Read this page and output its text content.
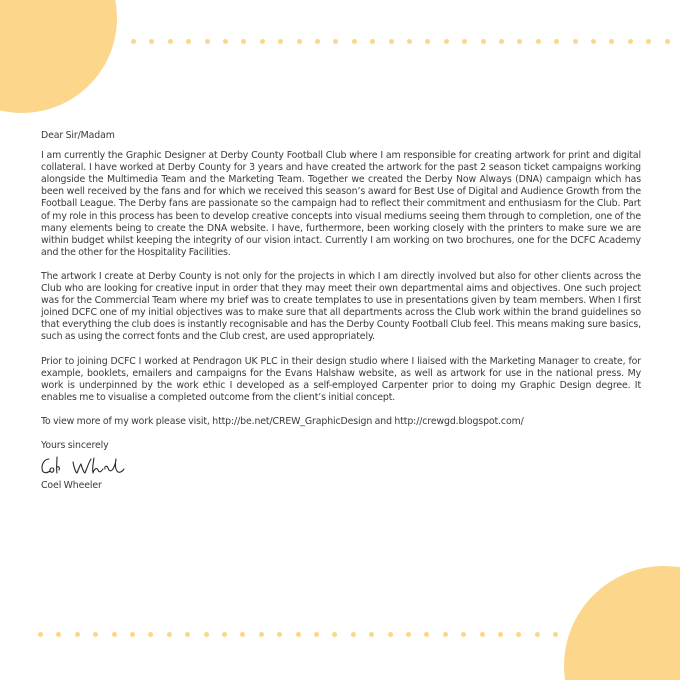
Dear Sir/Madam

I am currently the Graphic Designer at Derby County Football Club where I am responsible for creating artwork for print and digital collateral. I have worked at Derby County for 3 years and have created the artwork for the past 2 season ticket campaigns working alongside the Multimedia Team and the Marketing Team. Together we created the Derby Now Always (DNA) campaign which has been well received by the fans and for which we received this season’s award for Best Use of Digital and Audience Growth from the Football League. The Derby fans are passionate so the campaign had to reflect their commitment and enthusiasm for the Club. Part of my role in this process has been to develop creative concepts into visual mediums seeing them through to completion, one of the many elements being to create the DNA website. I have, furthermore, been working closely with the printers to make sure we are within budget whilst keeping the integrity of our vision intact. Currently I am working on two brochures, one for the DCFC Academy and the other for the Hospitality Facilities.

The artwork I create at Derby County is not only for the projects in which I am directly involved but also for other clients across the Club who are looking for creative input in order that they may meet their own departmental aims and objectives. One such project was for the Commercial Team where my brief was to create templates to use in presentations given by team members. When I first joined DCFC one of my initial objectives was to make sure that all departments across the Club work within the brand guidelines so that everything the club does is instantly recognisable and has the Derby County Football Club feel. This means making sure basics, such as using the correct fonts and the Club crest, are used appropriately.

Prior to joining DCFC I worked at Pendragon UK PLC in their design studio where I liaised with the Marketing Manager to create, for example, booklets, emailers and campaigns for the Evans Halshaw website, as well as artwork for use in the national press. My work is underpinned by the work ethic I developed as a self-employed Carpenter prior to doing my Graphic Design degree. It enables me to visualise a completed outcome from the client’s initial concept.

To view more of my work please visit, http://be.net/CREW_GraphicDesign and http://crewgd.blogspot.com/

Yours sincerely

Coel Wheeler
